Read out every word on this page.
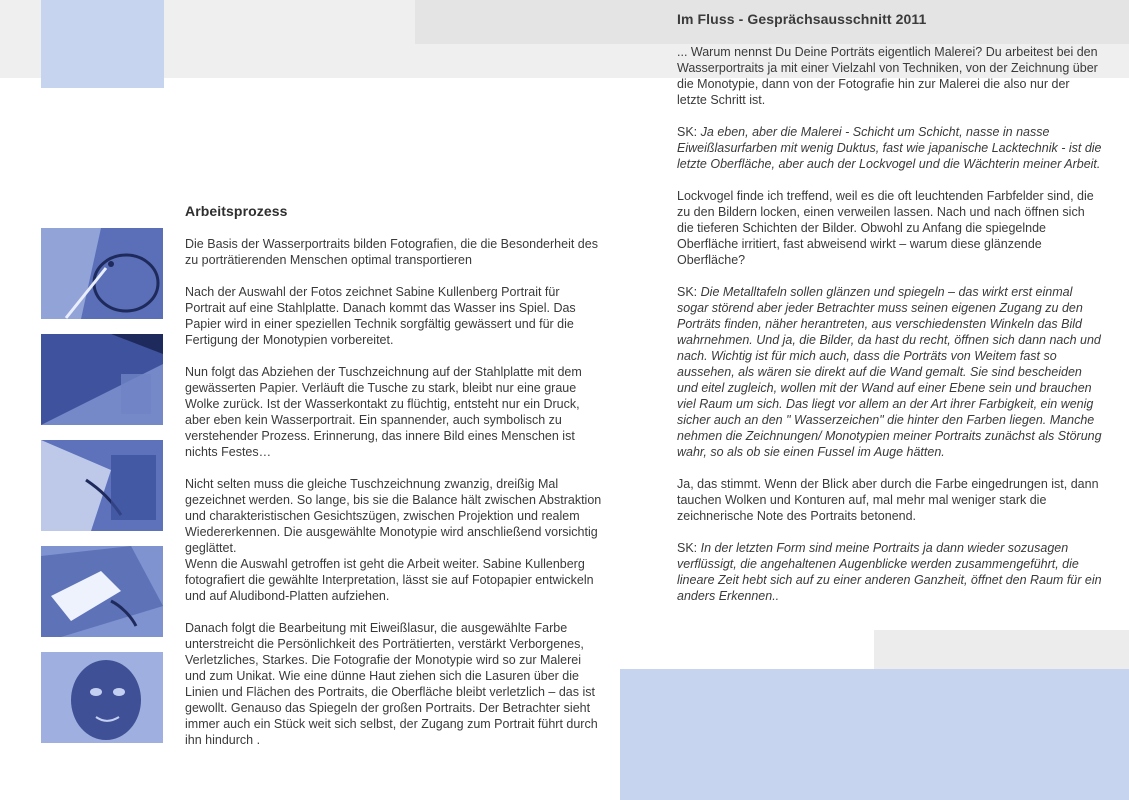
Arbeitsprozess

Die Basis der Wasserportraits bilden Fotografien, die die Besonderheit des zu porträtierenden Menschen optimal transportieren

Nach der Auswahl der Fotos zeichnet Sabine Kullenberg Portrait für Portrait auf eine Stahlplatte. Danach kommt das Wasser ins Spiel. Das Papier wird in einer speziellen Technik sorgfältig gewässert und für die Fertigung der Monotypien vorbereitet.

Nun folgt das Abziehen der Tuschzeichnung auf der Stahlplatte mit dem gewässerten Papier. Verläuft die Tusche zu stark, bleibt nur eine graue Wolke zurück. Ist der Wasserkontakt zu flüchtig, entsteht nur ein Druck, aber eben kein Wasserportrait. Ein spannender, auch symbolisch zu verstehender Prozess. Erinnerung, das innere Bild eines Menschen ist nichts Festes…

Nicht selten muss die gleiche Tuschzeichnung zwanzig, dreißig Mal gezeichnet werden. So lange, bis sie die Balance hält zwischen Abstraktion und charakteristischen Gesichtszügen, zwischen Projektion und realem Wiedererkennen. Die ausgewählte Monotypie wird anschließend vorsichtig geglättet.

Wenn die Auswahl getroffen ist geht die Arbeit weiter. Sabine Kullenberg fotografiert die gewählte Interpretation, lässt sie auf Fotopapier entwickeln und auf Aludibond-Platten aufziehen.

Danach folgt die Bearbeitung mit Eiweißlasur, die ausgewählte Farbe unterstreicht die Persönlichkeit des Porträtierten, verstärkt Verborgenes, Verletzliches, Starkes. Die Fotografie der Monotypie wird so zur Malerei und zum Unikat. Wie eine dünne Haut ziehen sich die Lasuren über die Linien und Flächen des Portraits, die Oberfläche bleibt verletzlich – das ist gewollt. Genauso das Spiegeln der großen Portraits. Der Betrachter sieht immer auch ein Stück weit sich selbst, der Zugang zum Portrait führt durch ihn hindurch .

Im Fluss - Gesprächsausschnitt 2011

... Warum nennst Du Deine Porträts eigentlich Malerei? Du arbeitest bei den Wasserportraits ja mit einer Vielzahl von Techniken, von der Zeichnung über die Monotypie, dann von der Fotografie hin zur Malerei die also nur der letzte Schritt ist.

SK: Ja eben, aber die Malerei - Schicht um Schicht, nasse in nasse Eiweißlasurfarben mit wenig Duktus, fast wie japanische Lacktechnik - ist die letzte Oberfläche, aber auch der Lockvogel und die Wächterin meiner Arbeit.

Lockvogel finde ich treffend, weil es die oft leuchtenden Farbfelder sind, die zu den Bildern locken, einen verweilen lassen. Nach und nach öffnen sich die tieferen Schichten der Bilder. Obwohl zu Anfang die spiegelnde Oberfläche irritiert, fast abweisend wirkt – warum diese glänzende Oberfläche?

SK: Die Metalltafeln sollen glänzen und spiegeln – das wirkt erst einmal sogar störend aber jeder Betrachter muss seinen eigenen Zugang zu den Porträts finden, näher herantreten, aus verschiedensten Winkeln das Bild wahrnehmen. Und ja, die Bilder, da hast du recht, öffnen sich dann nach und nach. Wichtig ist für mich auch, dass die Porträts von Weitem fast so aussehen, als wären sie direkt auf die Wand gemalt. Sie sind bescheiden und eitel zugleich, wollen mit der Wand auf einer Ebene sein und brauchen viel Raum um sich. Das liegt vor allem an der Art ihrer Farbigkeit, ein wenig sicher auch an den " Wasserzeichen" die hinter den Farben liegen. Manche nehmen die Zeichnungen/ Monotypien meiner Portraits zunächst als Störung wahr, so als ob sie einen Fussel im Auge hätten.

Ja, das stimmt. Wenn der Blick aber durch die Farbe eingedrungen ist, dann tauchen Wolken und Konturen auf, mal mehr mal weniger stark die zeichnerische Note des Portraits betonend.

SK: In der letzten Form sind meine Portraits ja dann wieder sozusagen verflüssigt, die angehaltenen Augenblicke werden zusammengeführt, die lineare Zeit hebt sich auf zu einer anderen Ganzheit, öffnet den Raum für ein anders Erkennen..
